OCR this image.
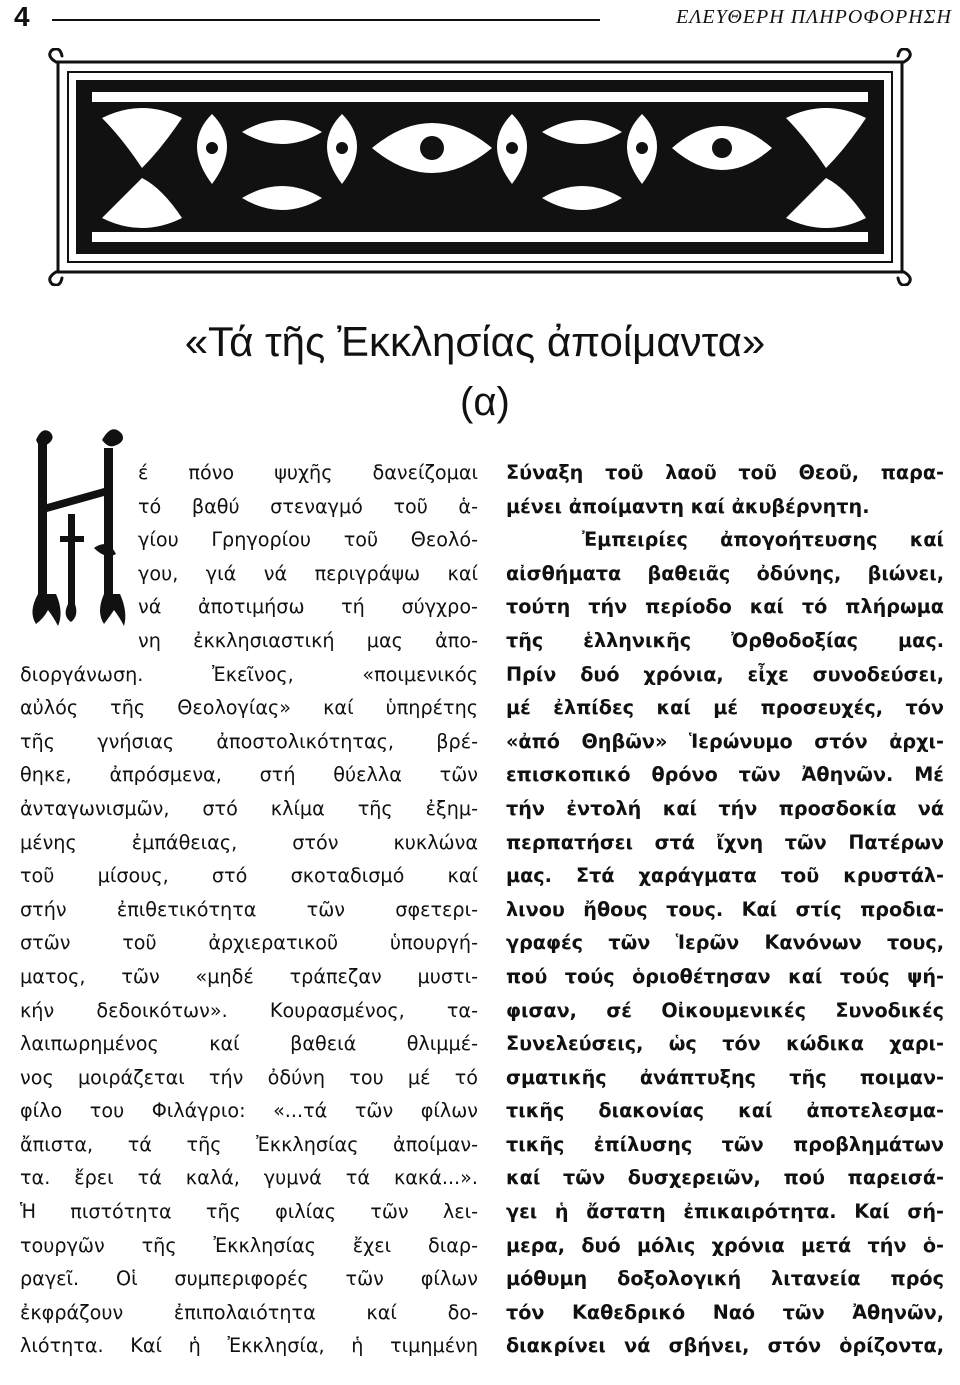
4	ΕΛΕΥΘΕΡΗ ΠΛΗΡΟΦΟΡΗΣΗ
«Τά τῆς Ἐκκλησίας ἀποίμαντα»
(α)
έ πόνο ψυχῆς δανείζομαι
τό βαθύ στεναγμό τοῦ ἁ-
γίου Γρηγορίου τοῦ Θεολό-
γου, γιά νά περιγράψω καί
νά ἀποτιμήσω τή σύγχρο-
νη ἐκκλησιαστική μας ἀπο-
διοργάνωση. Ἐκεῖνος, «ποιμενικός
αὐλός τῆς Θεολογίας» καί ὑπηρέτης
τῆς γνήσιας ἀποστολικότητας, βρέ-
θηκε, ἀπρόσμενα, στή θύελλα τῶν
ἀνταγωνισμῶν, στό κλίμα τῆς ἐξημ-
μένης ἐμπάθειας, στόν κυκλώνα
τοῦ μίσους, στό σκοταδισμό καί
στήν ἐπιθετικότητα τῶν σφετερι-
στῶν τοῦ ἀρχιερατικοῦ ὑπουργή-
ματος, τῶν «μηδέ τράπεζαν μυστι-
κήν δεδοικότων». Κουρασμένος, τα-
λαιπωρημένος καί βαθειά θλιμμέ-
νος μοιράζεται τήν ὀδύνη του μέ τό
φίλο του Φιλάγριο: «...τά τῶν φίλων
ἄπιστα, τά τῆς Ἐκκλησίας ἀποίμαν-
τα. ἔρει τά καλά, γυμνά τά κακά...».
Ἡ πιστότητα τῆς φιλίας τῶν λει-
τουργῶν τῆς Ἐκκλησίας ἔχει διαρ-
ραγεῖ. Οἱ συμπεριφορές τῶν φίλων
ἐκφράζουν ἐπιπολαιότητα καί δο-
λιότητα. Καί ἡ Ἐκκλησία, ἡ τιμημένη
Σύναξη τοῦ λαοῦ τοῦ Θεοῦ, παρα-
μένει ἀποίμαντη καί ἀκυβέρνητη.
Ἐμπειρίες ἀπογοήτευσης καί
αἰσθήματα βαθειᾶς ὀδύνης, βιώνει,
τούτη τήν περίοδο καί τό πλήρωμα
τῆς ἑλληνικῆς Ὀρθοδοξίας μας.
Πρίν δυό χρόνια, εἶχε συνοδεύσει,
μέ ἐλπίδες καί μέ προσευχές, τόν
«ἀπό Θηβῶν» Ἱερώνυμο στόν ἀρχι-
επισκοπικό θρόνο τῶν Ἀθηνῶν. Μέ
τήν ἐντολή καί τήν προσδοκία νά
περπατήσει στά ἴχνη τῶν Πατέρων
μας. Στά χαράγματα τοῦ κρυστάλ-
λινου ἤθους τους. Καί στίς προδια-
γραφές τῶν Ἱερῶν Κανόνων τους,
πού τούς ὁριοθέτησαν καί τούς ψή-
φισαν, σέ Οἰκουμενικές Συνοδικές
Συνελεύσεις, ὡς τόν κώδικα χαρι-
σματικῆς ἀνάπτυξης τῆς ποιμαν-
τικῆς διακονίας καί ἀποτελεσμα-
τικῆς ἐπίλυσης τῶν προβλημάτων
καί τῶν δυσχερειῶν, πού παρεισά-
γει ἡ ἄστατη ἐπικαιρότητα. Καί σή-
μερα, δυό μόλις χρόνια μετά τήν ὁ-
μόθυμη δοξολογική λιτανεία πρός
τόν Καθεδρικό Ναό τῶν Ἀθηνῶν,
διακρίνει νά σβήνει, στόν ὁρίζοντα,
